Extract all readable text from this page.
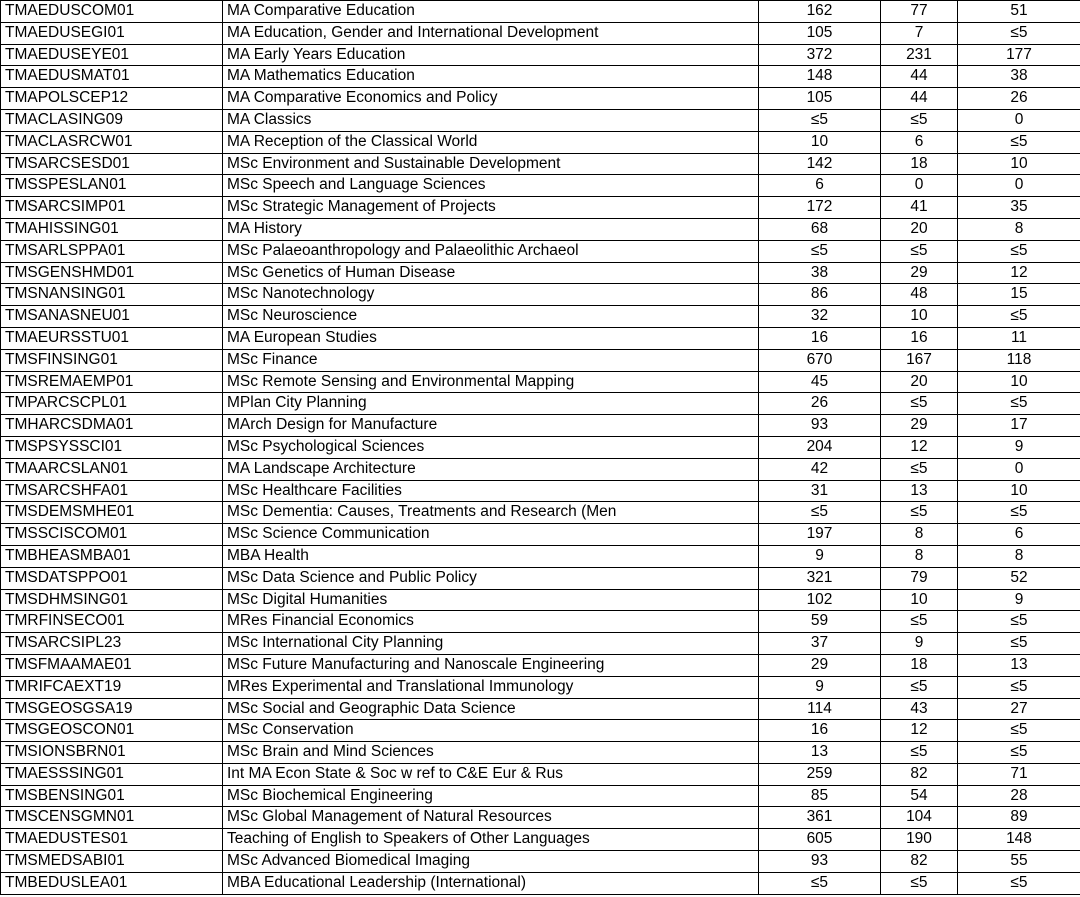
TMAEDUSCOM01	MA Comparative Education	162	77	51
TMAEDUSEGI01	MA Education, Gender and International Development	105	7	≤5
TMAEDUSEYE01	MA Early Years Education	372	231	177
TMAEDUSMAT01	MA Mathematics Education	148	44	38
TMAPOLSCEP12	MA Comparative Economics and Policy	105	44	26
TMACLASING09	MA Classics	≤5	≤5	0
TMACLASRCW01	MA Reception of the Classical World	10	6	≤5
TMSARCSESD01	MSc Environment and Sustainable Development	142	18	10
TMSSPESLAN01	MSc Speech and Language Sciences	6	0	0
TMSARCSIMP01	MSc Strategic Management of Projects	172	41	35
TMAHISSING01	MA History	68	20	8
TMSARLSPPA01	MSc Palaeoanthropology and Palaeolithic Archaeol	≤5	≤5	≤5
TMSGENSHMD01	MSc Genetics of Human Disease	38	29	12
TMSNANSING01	MSc Nanotechnology	86	48	15
TMSANASNEU01	MSc Neuroscience	32	10	≤5
TMAEURSSTU01	MA European Studies	16	16	11
TMSFINSING01	MSc Finance	670	167	118
TMSREMAEMP01	MSc Remote Sensing and Environmental Mapping	45	20	10
TMPARCSCPL01	MPlan City Planning	26	≤5	≤5
TMHARCSDMA01	MArch Design for Manufacture	93	29	17
TMSPSYSSCI01	MSc Psychological Sciences	204	12	9
TMAARCSLAN01	MA Landscape Architecture	42	≤5	0
TMSARCSHFA01	MSc Healthcare Facilities	31	13	10
TMSDEMSMHE01	MSc Dementia: Causes, Treatments and Research (Men	≤5	≤5	≤5
TMSSCISCOM01	MSc Science Communication	197	8	6
TMBHEASMBA01	MBA Health	9	8	8
TMSDATSPPO01	MSc Data Science and Public Policy	321	79	52
TMSDHMSING01	MSc Digital Humanities	102	10	9
TMRFINSECO01	MRes Financial Economics	59	≤5	≤5
TMSARCSIPL23	MSc International City Planning	37	9	≤5
TMSFMAAMAE01	MSc Future Manufacturing and Nanoscale Engineering	29	18	13
TMRIFCAEXT19	MRes Experimental and Translational Immunology	9	≤5	≤5
TMSGEOSGSA19	MSc Social and Geographic Data Science	114	43	27
TMSGEOSCON01	MSc Conservation	16	12	≤5
TMSIONSBRN01	MSc Brain and Mind Sciences	13	≤5	≤5
TMAESSSING01	Int MA Econ State & Soc w ref to C&E Eur & Rus	259	82	71
TMSBENSING01	MSc Biochemical Engineering	85	54	28
TMSCENSGMN01	MSc Global Management of Natural Resources	361	104	89
TMAEDUSTES01	Teaching of English to Speakers of Other Languages	605	190	148
TMSMEDSABI01	MSc Advanced Biomedical Imaging	93	82	55
TMBEDUSLEA01	MBA Educational Leadership (International)	≤5	≤5	≤5
